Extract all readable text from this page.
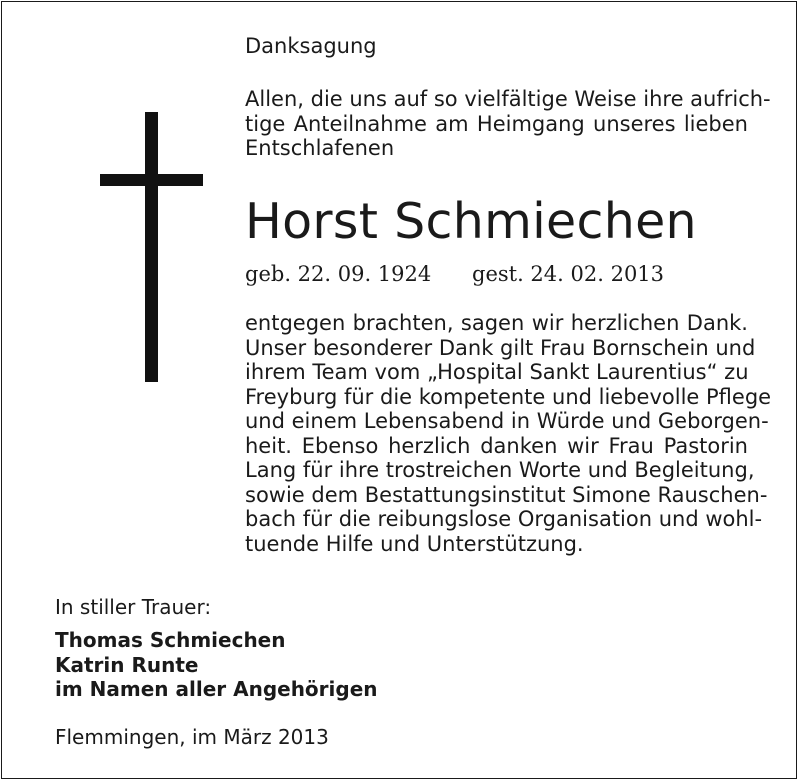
Danksagung

Allen, die uns auf so vielfältige Weise ihre aufrich-
tige Anteilnahme am Heimgang unseres lieben
Entschlafenen

Horst Schmiechen
geb. 22. 09. 1924 gest. 24. 02. 2013

entgegen brachten, sagen wir herzlichen Dank.
Unser besonderer Dank gilt Frau Bornschein und
ihrem Team vom „Hospital Sankt Laurentius“ zu
Freyburg für die kompetente und liebevolle Pflege
und einem Lebensabend in Würde und Geborgen-
heit. Ebenso herzlich danken wir Frau Pastorin
Lang für ihre trostreichen Worte und Begleitung,
sowie dem Bestattungsinstitut Simone Rauschen-
bach für die reibungslose Organisation und wohl-
tuende Hilfe und Unterstützung.

In stiller Trauer:

Thomas Schmiechen
Katrin Runte
im Namen aller Angehörigen

Flemmingen, im März 2013
